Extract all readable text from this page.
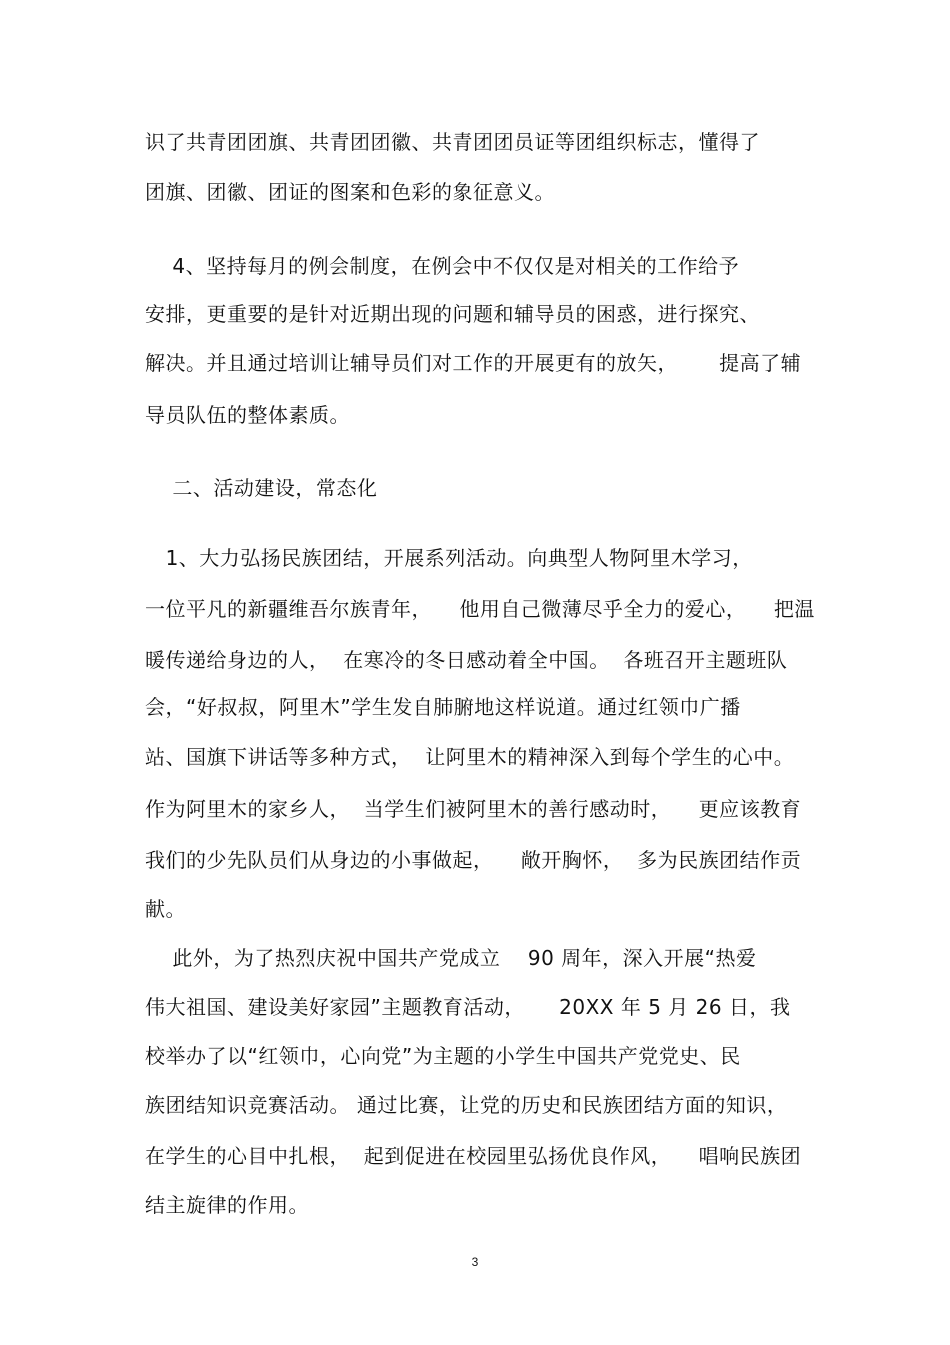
识了共青团团旗、共青团团徽、共青团团员证等团组织标志，懂得了
团旗、团徽、团证的图案和色彩的象征意义。
4、坚持每月的例会制度，在例会中不仅仅是对相关的工作给予
安排，更重要的是针对近期出现的问题和辅导员的困惑，进行探究、
解决。并且通过培训让辅导员们对工作的开展更有的放矢，      提高了辅
导员队伍的整体素质。
二、活动建设，常态化
1、大力弘扬民族团结，开展系列活动。向典型人物阿里木学习，
一位平凡的新疆维吾尔族青年，    他用自己微薄尽乎全力的爱心，    把温
暖传递给身边的人，  在寒冷的冬日感动着全中国。  各班召开主题班队
会，“好叔叔，阿里木”学生发自肺腑地这样说道。通过红领巾广播
站、国旗下讲话等多种方式，  让阿里木的精神深入到每个学生的心中。
作为阿里木的家乡人，  当学生们被阿里木的善行感动时，    更应该教育
我们的少先队员们从身边的小事做起，    敞开胸怀，  多为民族团结作贡
献。
此外，为了热烈庆祝中国共产党成立    90 周年，深入开展“热爱
伟大祖国、建设美好家园”主题教育活动，     20XX 年 5 月 26 日，我
校举办了以“红领巾，心向党”为主题的小学生中国共产党党史、民
族团结知识竞赛活动。 通过比赛，让党的历史和民族团结方面的知识，
在学生的心目中扎根，  起到促进在校园里弘扬优良作风，    唱响民族团
结主旋律的作用。
3
